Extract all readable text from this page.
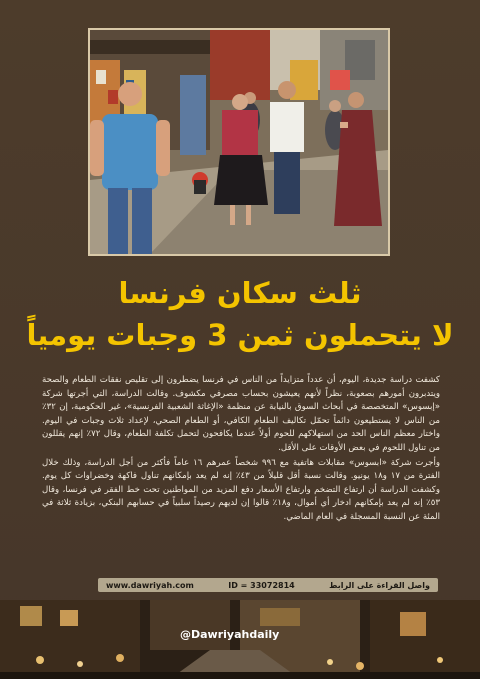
ثلث سكان فرنسا
لا يتحملون ثمن 3 وجبات يومياً

كشفت دراسة جديدة، اليوم، أن عدداً متزايداً من الناس في فرنسا يضطرون إلى تقليص نفقات الطعام والصحة ويتدبرون أمورهم بصعوبة، نظراً لأنهم يعيشون بحساب مصرفي مكشوف. وقالت الدراسة، التي أجرتها شركة «إبسوس» المتخصصة في أبحاث السوق بالنيابة عن منظمة «الإغاثة الشعبية الفرنسية»، غير الحكومية، إن ٣٢٪ من الناس لا يستطيعون دائماً تحمّل تكاليف الطعام الكافي، أو الطعام الصحي، لإعداد ثلاث وجبات في اليوم. واختار معظم الناس الحد من استهلاكهم للحوم أولاً عندما يكافحون لتحمل تكلفة الطعام، وقال ٧٢٪ إنهم يقللون من تناول اللحوم في بعض الأوقات على الأقل.

وأجرت شركة «ابسوس» مقابلات هاتفية مع ٩٩٦ شخصاً عمرهم ١٦ عاماً فأكثر من أجل الدراسة، وذلك خلال الفترة من ١٧ و١٨ يونيو. وقالت نسبة أقل قليلاً من ٤٣٪ إنه لم يعد بإمكانهم تناول فاكهة وخضراوات كل يوم. وكشفت الدراسة أن ارتفاع التضخم وارتفاع الأسعار دفع المزيد من المواطنين تحت خط الفقر في فرنسا، وقال ٥٣٪ إنه لم يعد بإمكانهم ادخار أي أموال، و١٨٪ قالوا إن لديهم رصيداً سلبياً في حسابهم البنكي، بزيادة ثلاثة في المئة عن النسبة المسجلة في العام الماضي.

www.dawriyah.com	ID = 33072814	واصل القراءة على الرابط
@Dawriyahdaily
